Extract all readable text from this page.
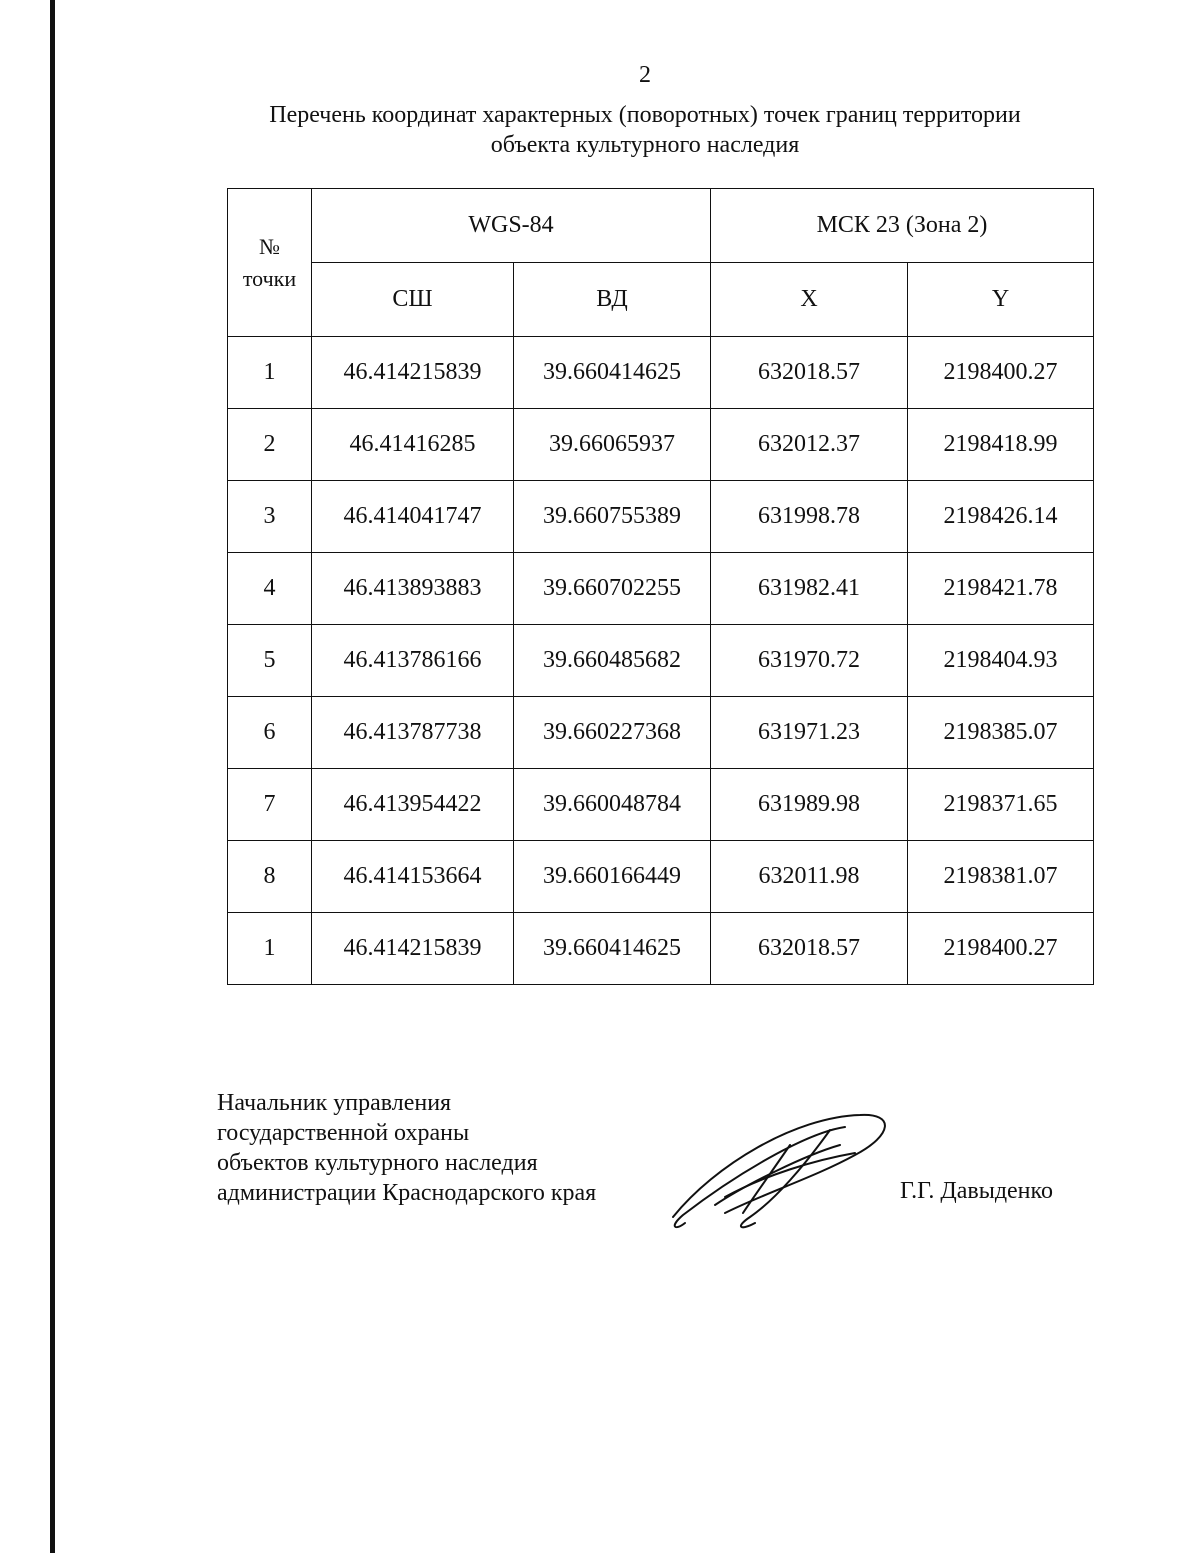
2
Перечень координат характерных (поворотных) точек границ территории
объекта культурного наследия
№
точки	WGS-84		МСК 23 (Зона 2)	
	СШ	ВД	X	Y
1	46.414215839	39.660414625	632018.57	2198400.27
2	46.41416285	39.66065937	632012.37	2198418.99
3	46.414041747	39.660755389	631998.78	2198426.14
4	46.413893883	39.660702255	631982.41	2198421.78
5	46.413786166	39.660485682	631970.72	2198404.93
6	46.413787738	39.660227368	631971.23	2198385.07
7	46.413954422	39.660048784	631989.98	2198371.65
8	46.414153664	39.660166449	632011.98	2198381.07
1	46.414215839	39.660414625	632018.57	2198400.27
Начальник управления
государственной охраны
объектов культурного наследия
администрации Краснодарского края	Г.Г. Давыденко
